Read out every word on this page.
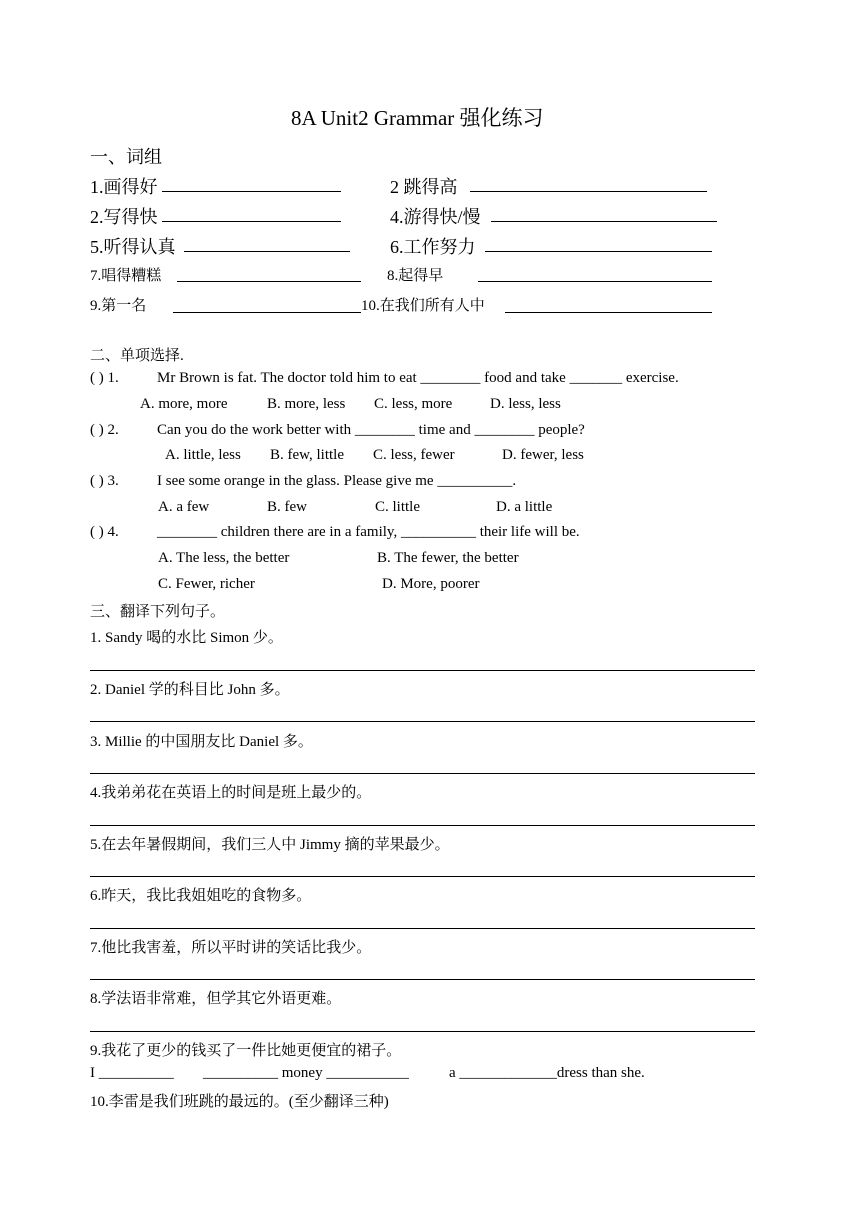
8A Unit2 Grammar 强化练习
一、词组
1.画得好	2 跳得高
2.写得快	4.游得快/慢
5.听得认真	6.工作努力
7.唱得糟糕	8.起得早
9.第一名	10.在我们所有人中
二、单项选择.
( ) 1.	Mr Brown is fat. The doctor told him to eat ________ food and take _______ exercise.
A. more, more	B. more, less C. less, more	D. less, less
( ) 2.	Can you do the work better with ________ time and ________ people?
A. little, less B. few, little C. less, fewer	D. fewer, less
( ) 3.	I see some orange in the glass. Please give me __________.
A. a few	B. few	C. little	D. a little
( ) 4.	________ children there are in a family, __________ their life will be.
A. The less, the better	B. The fewer, the better
C. Fewer, richer	D. More, poorer
三、翻译下列句子。
1. Sandy 喝的水比 Simon 少。
2. Daniel 学的科目比 John 多。
3. Millie 的中国朋友比 Daniel 多。
4.我弟弟花在英语上的时间是班上最少的。
5.在去年暑假期间，我们三人中 Jimmy 摘的苹果最少。
6.昨天，我比我姐姐吃的食物多。
7.他比我害羞，所以平时讲的笑话比我少。
8.学法语非常难，但学其它外语更难。
9.我花了更少的钱买了一件比她更便宜的裙子。
I __________ __________ money ___________	a _____________dress than she.
10.李雷是我们班跳的最远的。(至少翻译三种)
